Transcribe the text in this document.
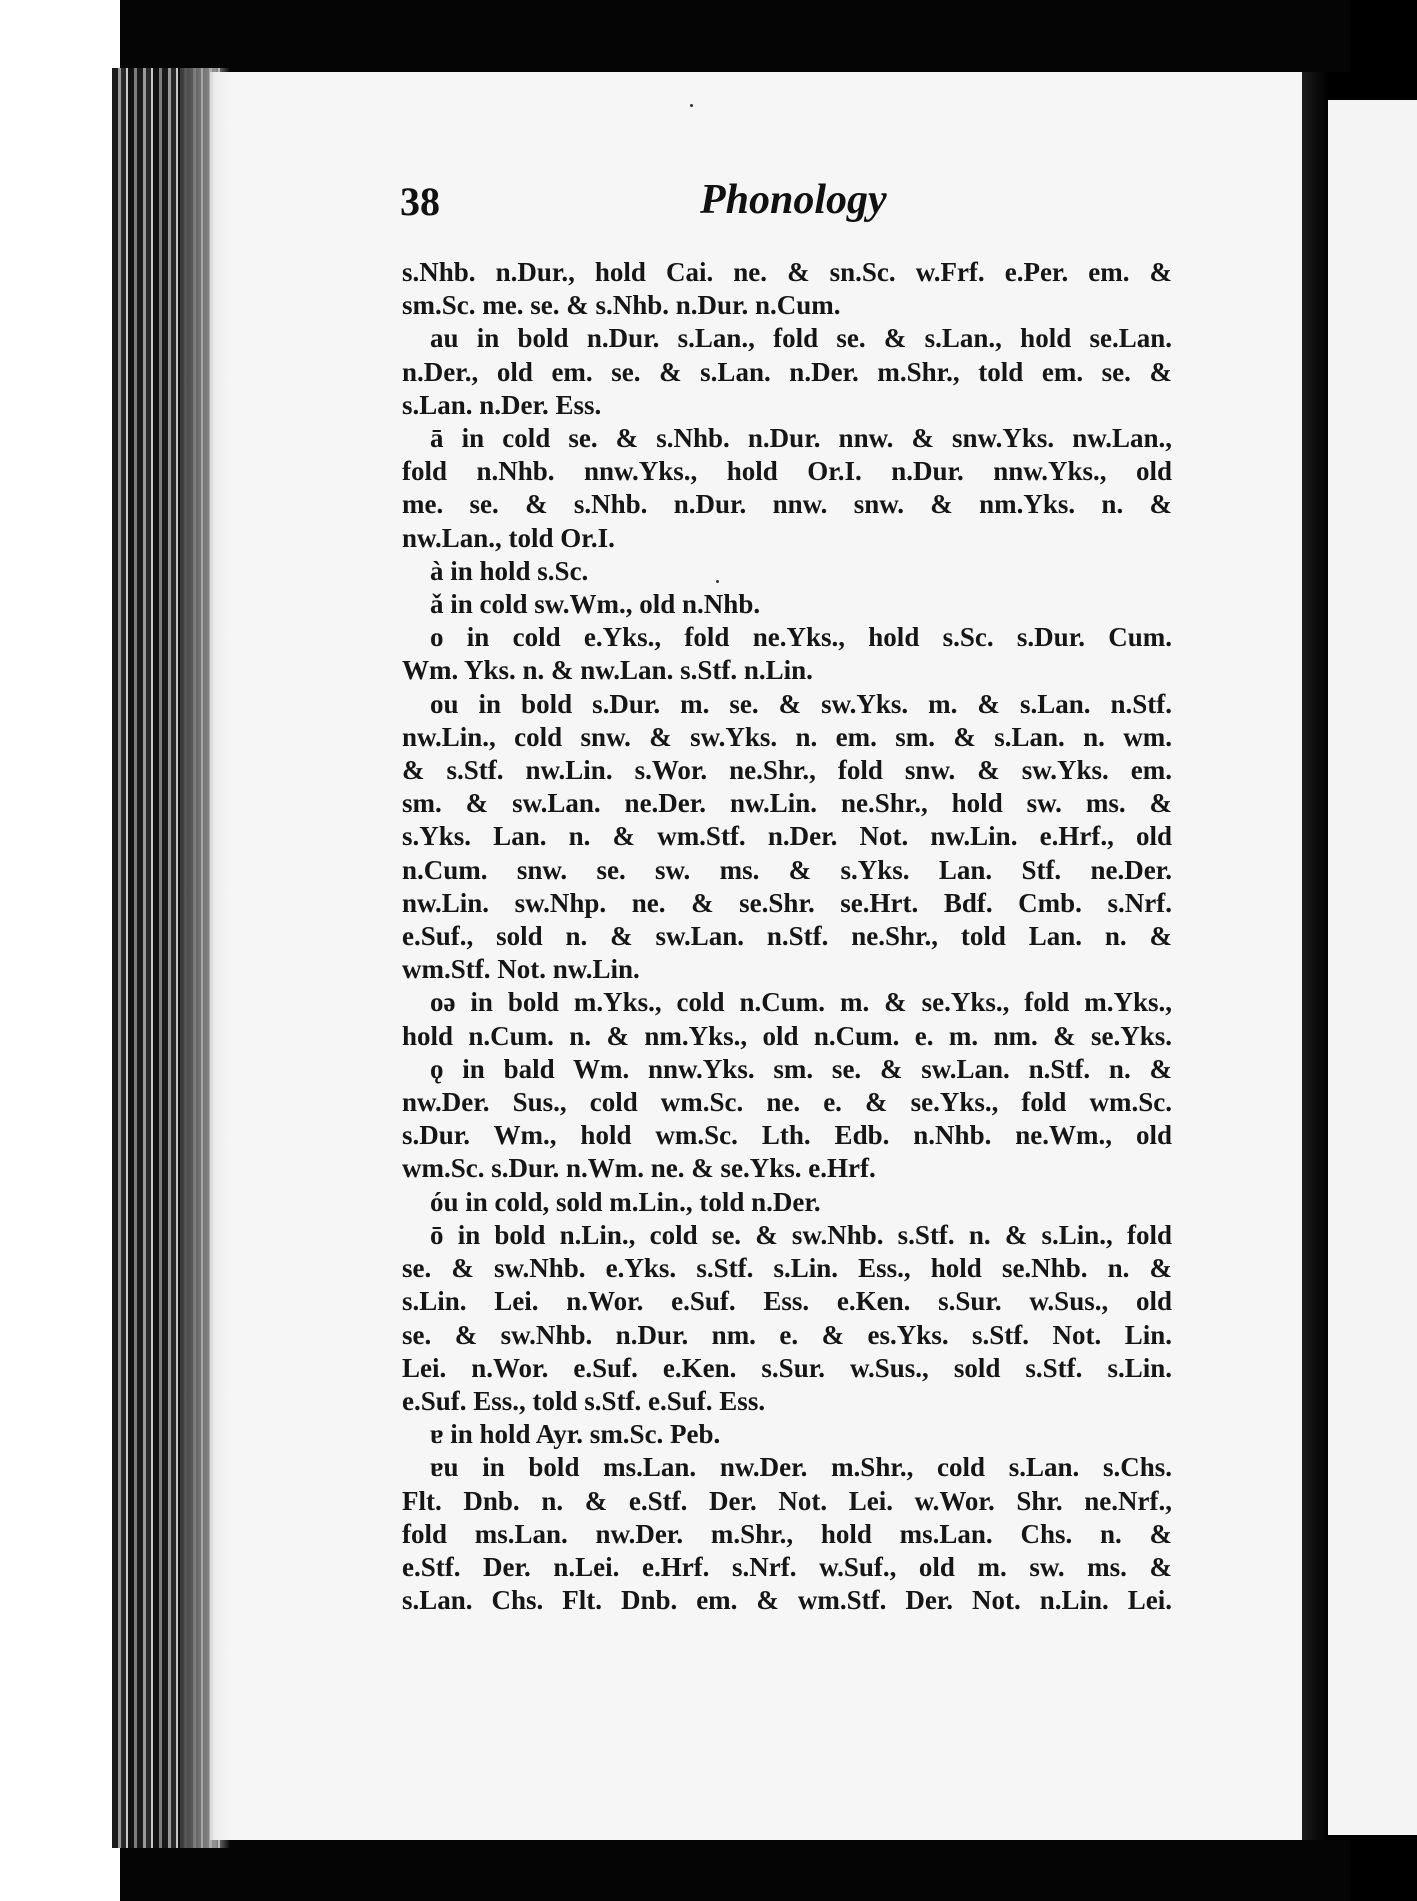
38	Phonology
s.Nhb. n.Dur., hold Cai. ne. & sn.Sc. w.Frf. e.Per. em. &
sm.Sc. me. se. & s.Nhb. n.Dur. n.Cum.
au in bold n.Dur. s.Lan., fold se. & s.Lan., hold se.Lan.
n.Der., old em. se. & s.Lan. n.Der. m.Shr., told em. se. &
s.Lan. n.Der. Ess.
ā in cold se. & s.Nhb. n.Dur. nnw. & snw.Yks. nw.Lan.,
fold n.Nhb. nnw.Yks., hold Or.I. n.Dur. nnw.Yks., old
me. se. & s.Nhb. n.Dur. nnw. snw. & nm.Yks. n. &
nw.Lan., told Or.I.
à in hold s.Sc.
ǎ in cold sw.Wm., old n.Nhb.
o in cold e.Yks., fold ne.Yks., hold s.Sc. s.Dur. Cum.
Wm. Yks. n. & nw.Lan. s.Stf. n.Lin.
ou in bold s.Dur. m. se. & sw.Yks. m. & s.Lan. n.Stf.
nw.Lin., cold snw. & sw.Yks. n. em. sm. & s.Lan. n. wm.
& s.Stf. nw.Lin. s.Wor. ne.Shr., fold snw. & sw.Yks. em.
sm. & sw.Lan. ne.Der. nw.Lin. ne.Shr., hold sw. ms. &
s.Yks. Lan. n. & wm.Stf. n.Der. Not. nw.Lin. e.Hrf., old
n.Cum. snw. se. sw. ms. & s.Yks. Lan. Stf. ne.Der.
nw.Lin. sw.Nhp. ne. & se.Shr. se.Hrt. Bdf. Cmb. s.Nrf.
e.Suf., sold n. & sw.Lan. n.Stf. ne.Shr., told Lan. n. &
wm.Stf. Not. nw.Lin.
oə in bold m.Yks., cold n.Cum. m. & se.Yks., fold m.Yks.,
hold n.Cum. n. & nm.Yks., old n.Cum. e. m. nm. & se.Yks.
ǫ in bald Wm. nnw.Yks. sm. se. & sw.Lan. n.Stf. n. &
nw.Der. Sus., cold wm.Sc. ne. e. & se.Yks., fold wm.Sc.
s.Dur. Wm., hold wm.Sc. Lth. Edb. n.Nhb. ne.Wm., old
wm.Sc. s.Dur. n.Wm. ne. & se.Yks. e.Hrf.
óu in cold, sold m.Lin., told n.Der.
ō in bold n.Lin., cold se. & sw.Nhb. s.Stf. n. & s.Lin., fold
se. & sw.Nhb. e.Yks. s.Stf. s.Lin. Ess., hold se.Nhb. n. &
s.Lin. Lei. n.Wor. e.Suf. Ess. e.Ken. s.Sur. w.Sus., old
se. & sw.Nhb. n.Dur. nm. e. & es.Yks. s.Stf. Not. Lin.
Lei. n.Wor. e.Suf. e.Ken. s.Sur. w.Sus., sold s.Stf. s.Lin.
e.Suf. Ess., told s.Stf. e.Suf. Ess.
ɐ in hold Ayr. sm.Sc. Peb.
ɐu in bold ms.Lan. nw.Der. m.Shr., cold s.Lan. s.Chs.
Flt. Dnb. n. & e.Stf. Der. Not. Lei. w.Wor. Shr. ne.Nrf.,
fold ms.Lan. nw.Der. m.Shr., hold ms.Lan. Chs. n. &
e.Stf. Der. n.Lei. e.Hrf. s.Nrf. w.Suf., old m. sw. ms. &
s.Lan. Chs. Flt. Dnb. em. & wm.Stf. Der. Not. n.Lin. Lei.
